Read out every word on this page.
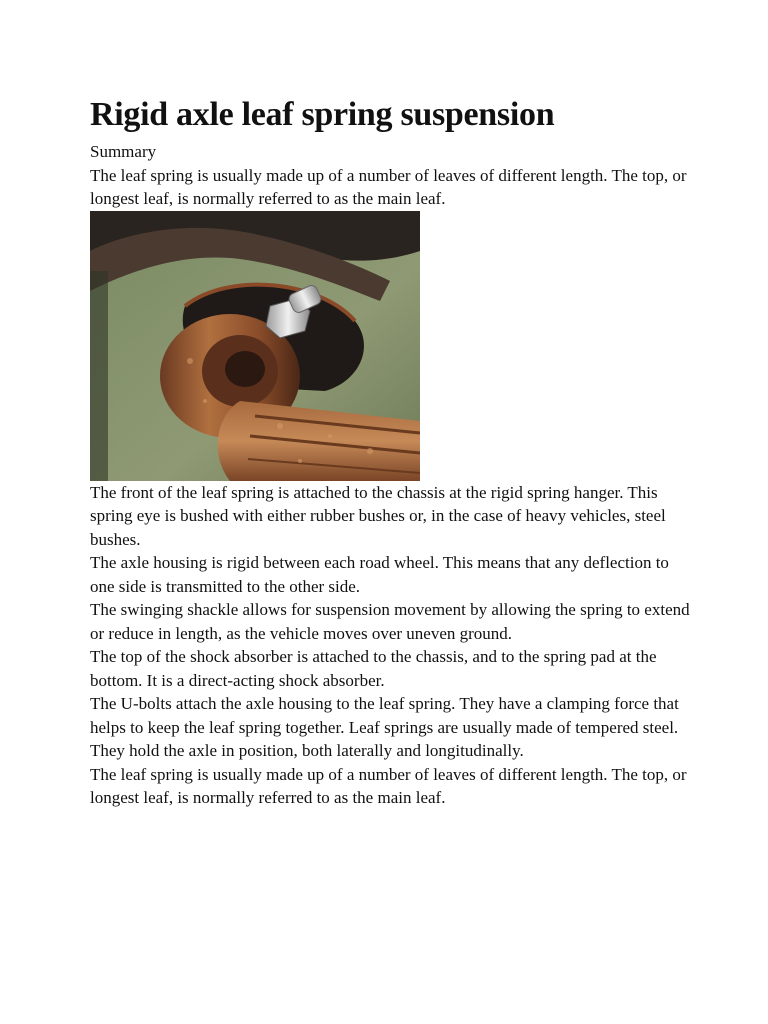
Rigid axle leaf spring suspension

Summary

The leaf spring is usually made up of a number of leaves of different length. The top, or longest leaf, is normally referred to as the main leaf.

The front of the leaf spring is attached to the chassis at the rigid spring hanger. This spring eye is bushed with either rubber bushes or, in the case of heavy vehicles, steel bushes.

The axle housing is rigid between each road wheel. This means that any deflection to one side is transmitted to the other side.

The swinging shackle allows for suspension movement by allowing the spring to extend or reduce in length, as the vehicle moves over uneven ground.

The top of the shock absorber is attached to the chassis, and to the spring pad at the bottom. It is a direct-acting shock absorber.

The U-bolts attach the axle housing to the leaf spring. They have a clamping force that helps to keep the leaf spring together. Leaf springs are usually made of tempered steel. They hold the axle in position, both laterally and longitudinally.

The leaf spring is usually made up of a number of leaves of different length. The top, or longest leaf, is normally referred to as the main leaf.
